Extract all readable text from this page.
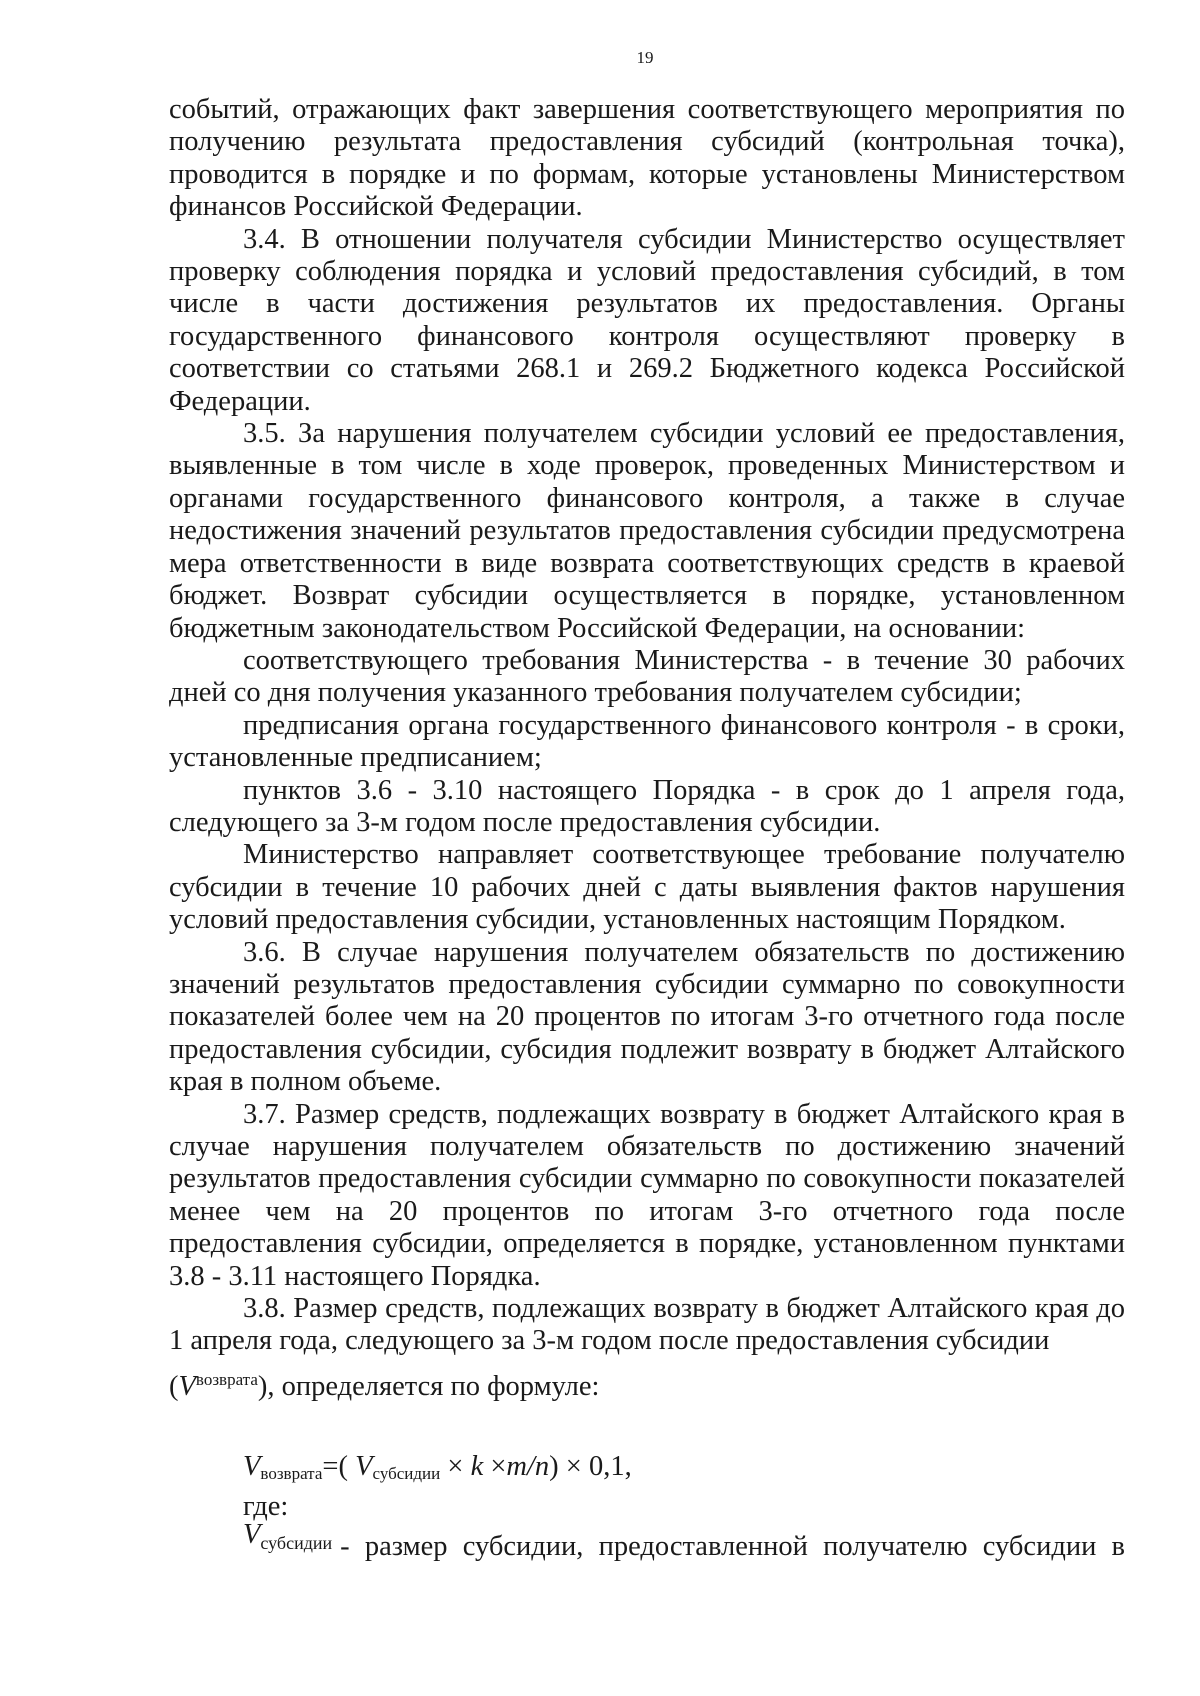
19

событий, отражающих факт завершения соответствующего мероприятия по получению результата предоставления субсидий (контрольная точка), проводится в порядке и по формам, которые установлены Министерством финансов Российской Федерации.

3.4. В отношении получателя субсидии Министерство осуществляет проверку соблюдения порядка и условий предоставления субсидий, в том числе в части достижения результатов их предоставления. Органы государственного финансового контроля осуществляют проверку в соответствии со статьями 268.1 и 269.2 Бюджетного кодекса Российской Федерации.

3.5. За нарушения получателем субсидии условий ее предоставления, выявленные в том числе в ходе проверок, проведенных Министерством и органами государственного финансового контроля, а также в случае недостижения значений результатов предоставления субсидии предусмотрена мера ответственности в виде возврата соответствующих средств в краевой бюджет. Возврат субсидии осуществляется в порядке, установленном бюджетным законодательством Российской Федерации, на основании:

соответствующего требования Министерства - в течение 30 рабочих дней со дня получения указанного требования получателем субсидии;

предписания органа государственного финансового контроля - в сроки, установленные предписанием;

пунктов 3.6 - 3.10 настоящего Порядка - в срок до 1 апреля года, следующего за 3-м годом после предоставления субсидии.

Министерство направляет соответствующее требование получателю субсидии в течение 10 рабочих дней с даты выявления фактов нарушения условий предоставления субсидии, установленных настоящим Порядком.

3.6. В случае нарушения получателем обязательств по достижению значений результатов предоставления субсидии суммарно по совокупности показателей более чем на 20 процентов по итогам 3-го отчетного года после предоставления субсидии, субсидия подлежит возврату в бюджет Алтайского края в полном объеме.

3.7. Размер средств, подлежащих возврату в бюджет Алтайского края в случае нарушения получателем обязательств по достижению значений результатов предоставления субсидии суммарно по совокупности показателей менее чем на 20 процентов по итогам 3-го отчетного года после предоставления субсидии, определяется в порядке, установленном пунктами 3.8 - 3.11 настоящего Порядка.

3.8. Размер средств, подлежащих возврату в бюджет Алтайского края до 1 апреля года, следующего за 3-м годом после предоставления субсидии

$(V^{возврата})$, определяется по формуле:

$V_{возврата}=$( $V_{субсидии} \times k \times m/n) \times 0,1$,
где:
$V_{субсидии}$ - размер субсидии, предоставленной получателю субсидии в
